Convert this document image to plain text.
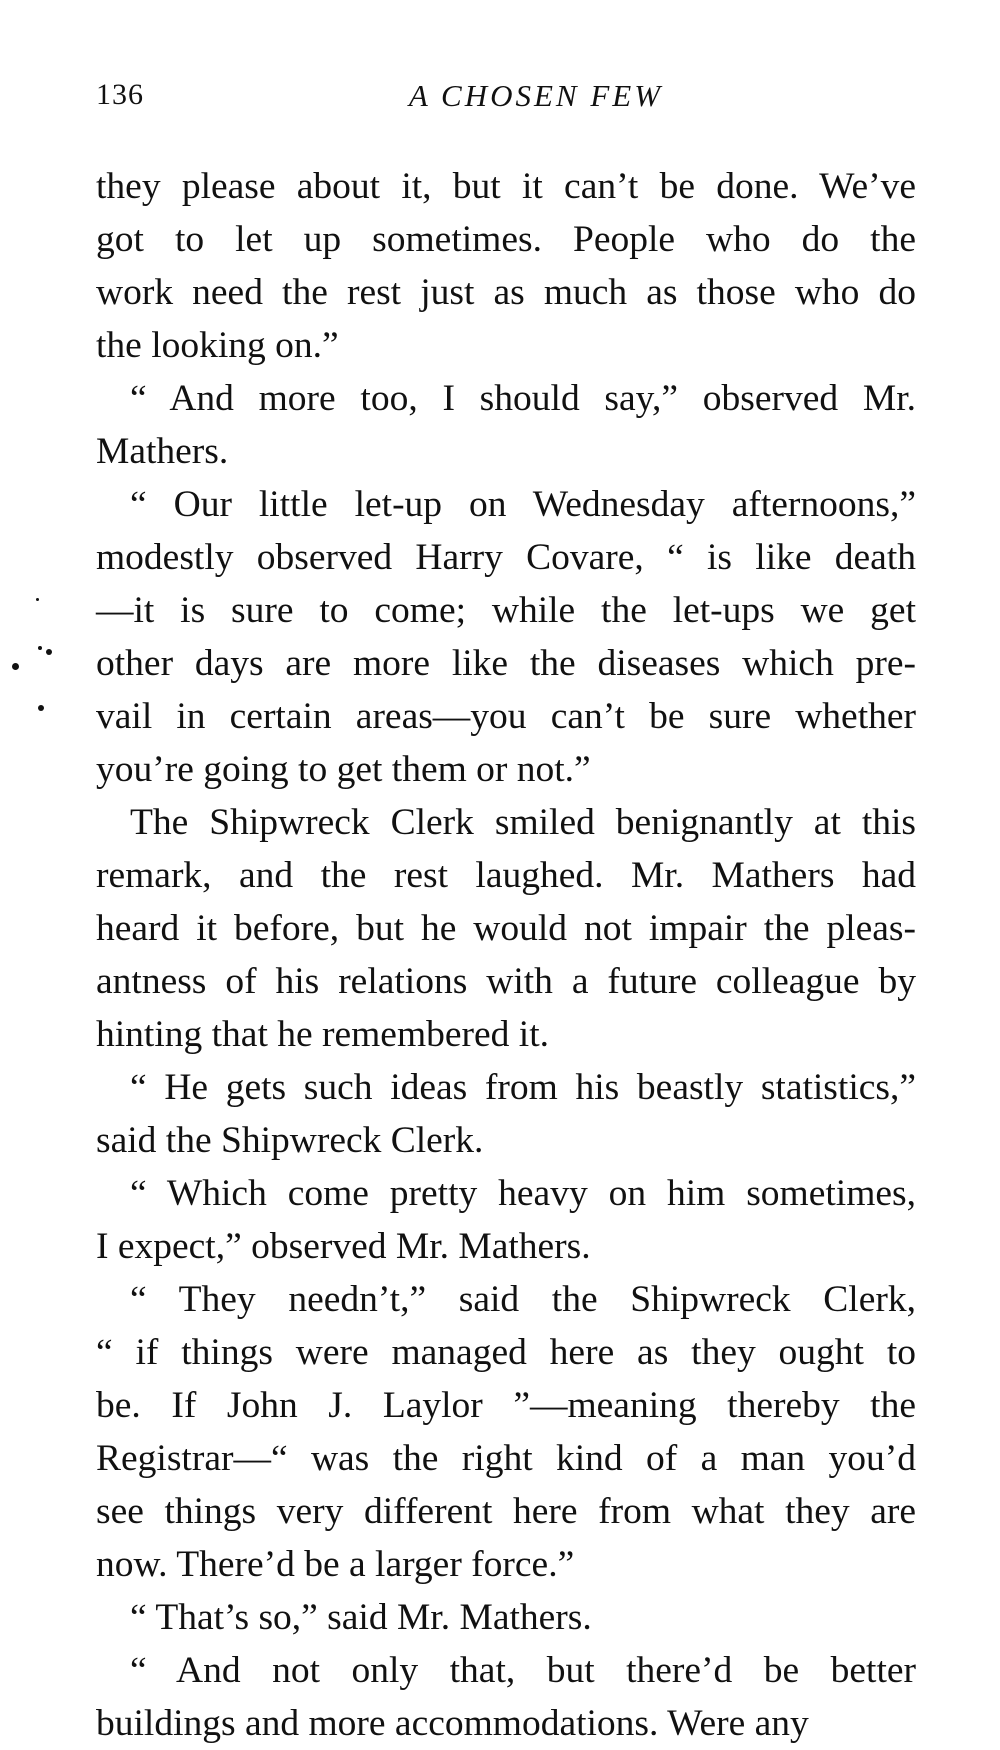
136	A CHOSEN FEW

they please about it, but it can’t be done. We’ve
got to let up sometimes. People who do the
work need the rest just as much as those who do
the looking on.”

“ And more too, I should say,” observed Mr.
Mathers.

“ Our little let-up on Wednesday afternoons,”
modestly observed Harry Covare, “ is like death
—it is sure to come; while the let-ups we get
other days are more like the diseases which pre-
vail in certain areas—you can’t be sure whether
you’re going to get them or not.”

The Shipwreck Clerk smiled benignantly at this
remark, and the rest laughed. Mr. Mathers had
heard it before, but he would not impair the pleas-
antness of his relations with a future colleague by
hinting that he remembered it.

“ He gets such ideas from his beastly statistics,”
said the Shipwreck Clerk.

“ Which come pretty heavy on him sometimes,
I expect,” observed Mr. Mathers.

“ They needn’t,” said the Shipwreck Clerk,
“ if things were managed here as they ought to
be. If John J. Laylor ”—meaning thereby the
Registrar—“ was the right kind of a man you’d
see things very different here from what they are
now. There’d be a larger force.”

“ That’s so,” said Mr. Mathers.

“ And not only that, but there’d be better
buildings and more accommodations. Were any
